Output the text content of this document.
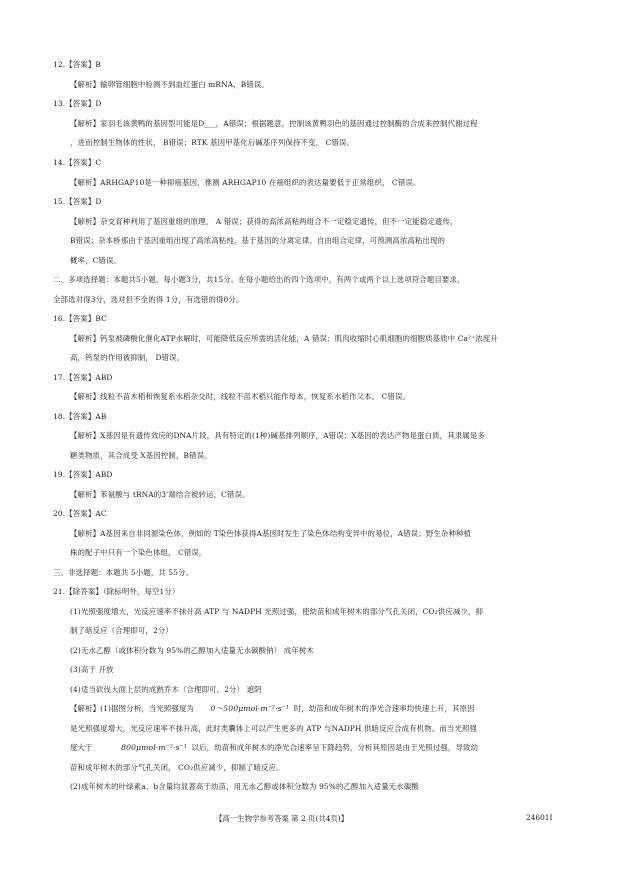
12.【答案】B
【解析】输卵管细胞中检测不到血红蛋白 mRNA，B错误。
13.【答案】D
【解析】家羽毛该黄鸭的基因型可能是D___，A错误；根据题意，控制该黄鸭羽色的基因通过控制酶的合成来控制代谢过程
，进而控制生物体的性状， B错误；RTK 基因甲基化后碱基序列保持不变， C错误。
14.【答案】C
【解析】ARHGAP10是一种抑癌基因，推测 ARHGAP10 在癌组织的表达量要低于正常组织， C错误。
15.【答案】D
【解析】杂交育种利用了基因重组的原理， A 错误；获得的高浓高粘两组合不一定稳定遗传，但不一定能稳定遗传，
B错误；杂本桥那由于基因重组出现了高浓高粘纯，基于基因的分离定律、自由组合定律，可预测高浓高粘出现的
概率，C错误。
二、多项选择题：本题共5小题，每小题3分，共15分。在每小题给出的四个选项中，有两个或两个以上选项符合题目要求，
全部选对得3分，选对但不全的得 1分，有选错的得0分。
16.【答案】BC
【解析】钙泵被磷酸化催化ATP水解时，可能降低反应所需的活化能，A 错误；肌肉收缩时心肌细胞的细胞质基质中 Ca²⁺浓度升
高，钙泵的作用被抑制， D错误。
17.【答案】ABD
【解析】线粒不苗木稻和恢复系水稻杂交时，线粒不苗木稻只能作母本，恢复系水稻作父本。 C错误。
18.【答案】AB
【解析】X基因是有遗传效应的DNA片段，具有特定的(1种)碱基排列顺序，A错误；X基因的表达产物是蛋白质，其隶属是多
糖类物质，其合成受 X基因控制，B错误。
19.【答案】ABD
【解析】苯氨酸与 tRNA的3'端结合被转运，C错误。
20.【答案】AC
【解析】A基因来自非同源染色体，例如的 T染色体获得A基因时发生了染色体结构变异中的易位，A错误；野生杂种种植
株的配子中只有一个染色体组， C错误。
三、非选择题：本题共 5小题，共 55分。
21.【除答案】（除标明外，每空1分）
(1)光照强度增大，光反应速率不抹升高 ATP 与 NADPH 光照过强，使幼苗和成年树木的部分气孔关闭，CO₂供应减少，抑
制了暗反应（合理即可，2分）
(2)无水乙醇（或体积分数为 95%的乙醇加入适量无水碳酸钠） 成年树木
(3)高于 开放
(4)适当砍伐大面上层的成熟乔木（合理即可，2分） 遮阴
【解析】(1)据图分析，当光照强度为 0～500μmol·m⁻²·s⁻¹ 时，幼苗和成年树木的净光合速率均快速上升，其原因
是光照强度增大，光反应速率不抹升高，此时类囊体上可以产生更多的 ATP 与NADPH 供暗反应合成有机物。而当光照强
度大于	800μmol·m⁻²·s⁻¹ 以后，幼苗和成年树木的净光合速率呈下降趋势，分析其原因是由于光照过强，导致幼
苗和成年树木的部分气孔关闭， CO₂供应减少，抑制了暗反应。
(2)成年树木的叶绿素a、b含量均显著高于幼苗，用无水乙醇或体积分数为 95%的乙醇加入适量无水碳酸
【高一生物学参考答案 第 2 页(共4页)】	24601I
